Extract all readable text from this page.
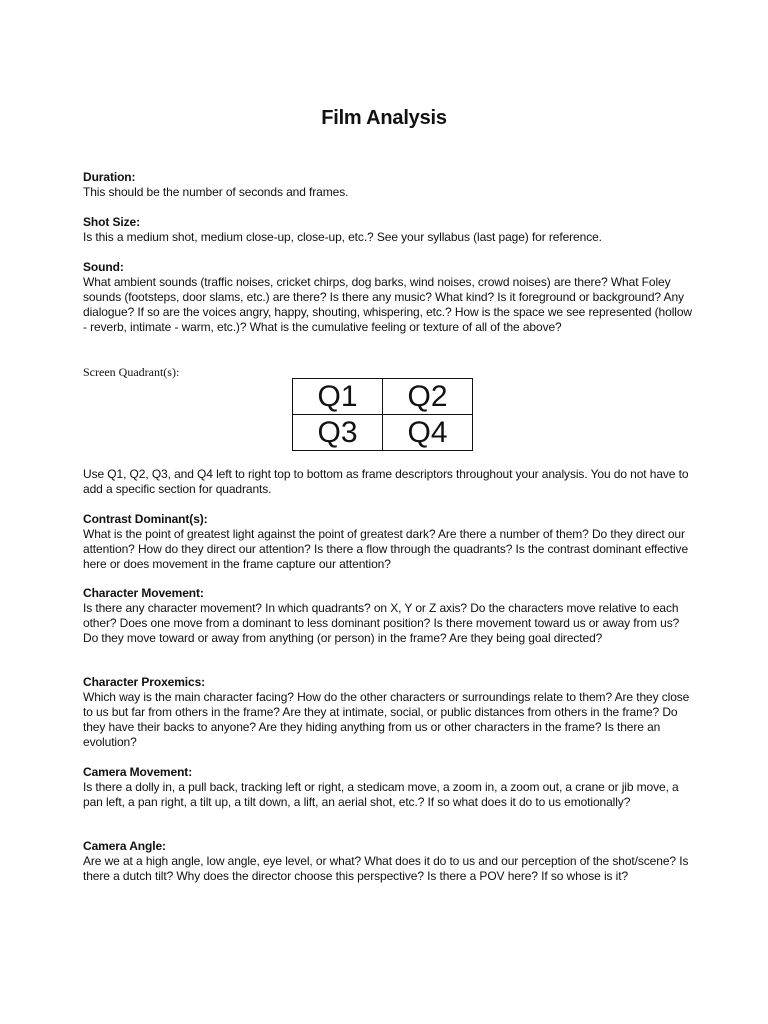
Film Analysis
Duration:
This should be the number of seconds and frames.
Shot Size:
Is this a medium shot, medium close-up, close-up, etc.? See your syllabus (last page) for reference.
Sound:
What ambient sounds (traffic noises, cricket chirps, dog barks, wind noises, crowd noises) are there? What Foley sounds (footsteps, door slams, etc.) are there? Is there any music? What kind? Is it foreground or background? Any dialogue? If so are the voices angry, happy, shouting, whispering, etc.? How is the space we see represented (hollow - reverb, intimate - warm, etc.)? What is the cumulative feeling or texture of all of the above?
Screen Quadrant(s):
Q1	Q2
Q3	Q4
Use Q1, Q2, Q3, and Q4 left to right top to bottom as frame descriptors throughout your analysis. You do not have to add a specific section for quadrants.
Contrast Dominant(s):
What is the point of greatest light against the point of greatest dark? Are there a number of them? Do they direct our attention? How do they direct our attention? Is there a flow through the quadrants? Is the contrast dominant effective here or does movement in the frame capture our attention?
Character Movement:
Is there any character movement? In which quadrants? on X, Y or Z axis? Do the characters move relative to each other? Does one move from a dominant to less dominant position? Is there movement toward us or away from us? Do they move toward or away from anything (or person) in the frame? Are they being goal directed?
Character Proxemics:
Which way is the main character facing? How do the other characters or surroundings relate to them? Are they close to us but far from others in the frame? Are they at intimate, social, or public distances from others in the frame? Do they have their backs to anyone? Are they hiding anything from us or other characters in the frame? Is there an evolution?
Camera Movement:
Is there a dolly in, a pull back, tracking left or right, a stedicam move, a zoom in, a zoom out, a crane or jib move, a pan left, a pan right, a tilt up, a tilt down, a lift, an aerial shot, etc.? If so what does it do to us emotionally?
Camera Angle:
Are we at a high angle, low angle, eye level, or what? What does it do to us and our perception of the shot/scene? Is there a dutch tilt? Why does the director choose this perspective? Is there a POV here? If so whose is it?
